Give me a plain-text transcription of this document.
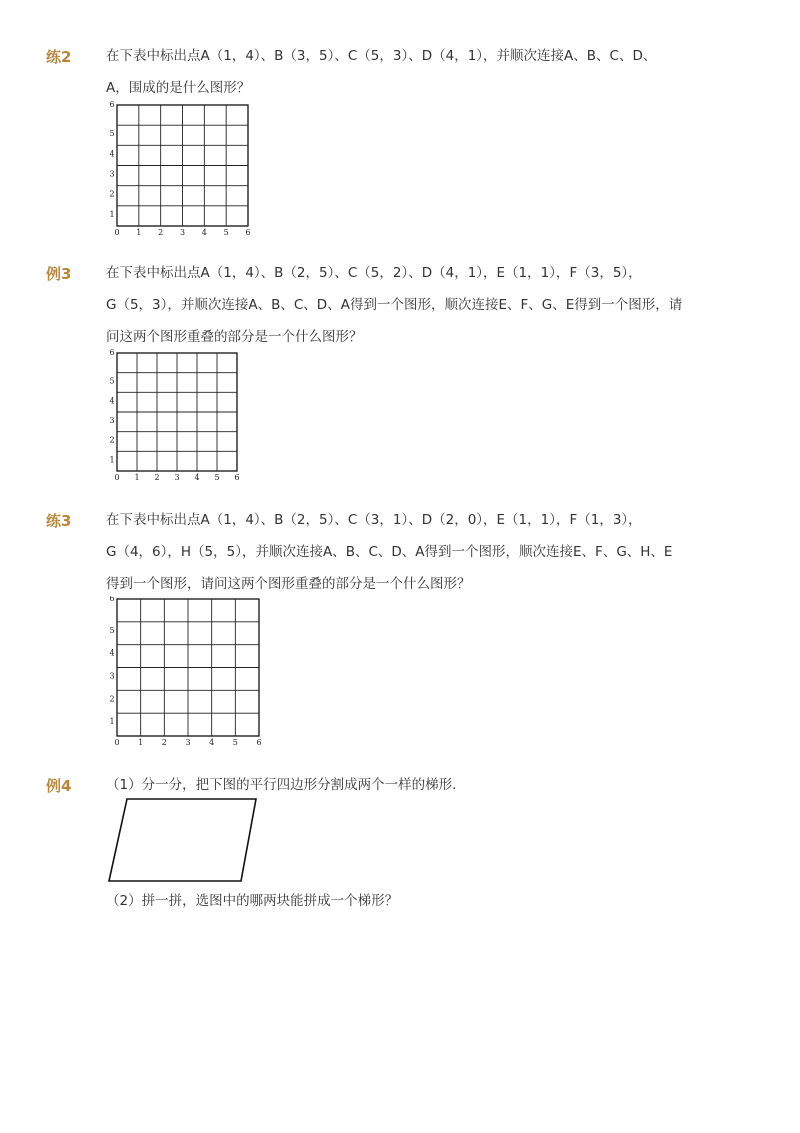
练2	在下表中标出点A（1，4）、B（3，5）、C（5，3）、D（4，1），并顺次连接A、B、C、D、
A，围成的是什么图形？
0 1 2 3 4 5 6
1
2
3
4
5
6
例3	在下表中标出点A（1，4）、B（2，5）、C（5，2）、D（4，1），E（1，1），F（3，5），
G（5，3），并顺次连接A、B、C、D、A得到一个图形，顺次连接E、F、G、E得到一个图形，请
问这两个图形重叠的部分是一个什么图形？
0 1 2 3 4 5 6
1
2
3
4
5
6
练3	在下表中标出点A（1，4）、B（2，5）、C（3，1）、D（2，0），E（1，1），F（1，3），
G（4，6），H（5，5），并顺次连接A、B、C、D、A得到一个图形，顺次连接E、F、G、H、E
得到一个图形，请问这两个图形重叠的部分是一个什么图形？
0 1 2 3 4 5 6
1
2
3
4
5
6
例4	（1）分一分，把下图的平行四边形分割成两个一样的梯形．
（2）拼一拼，选图中的哪两块能拼成一个梯形？
